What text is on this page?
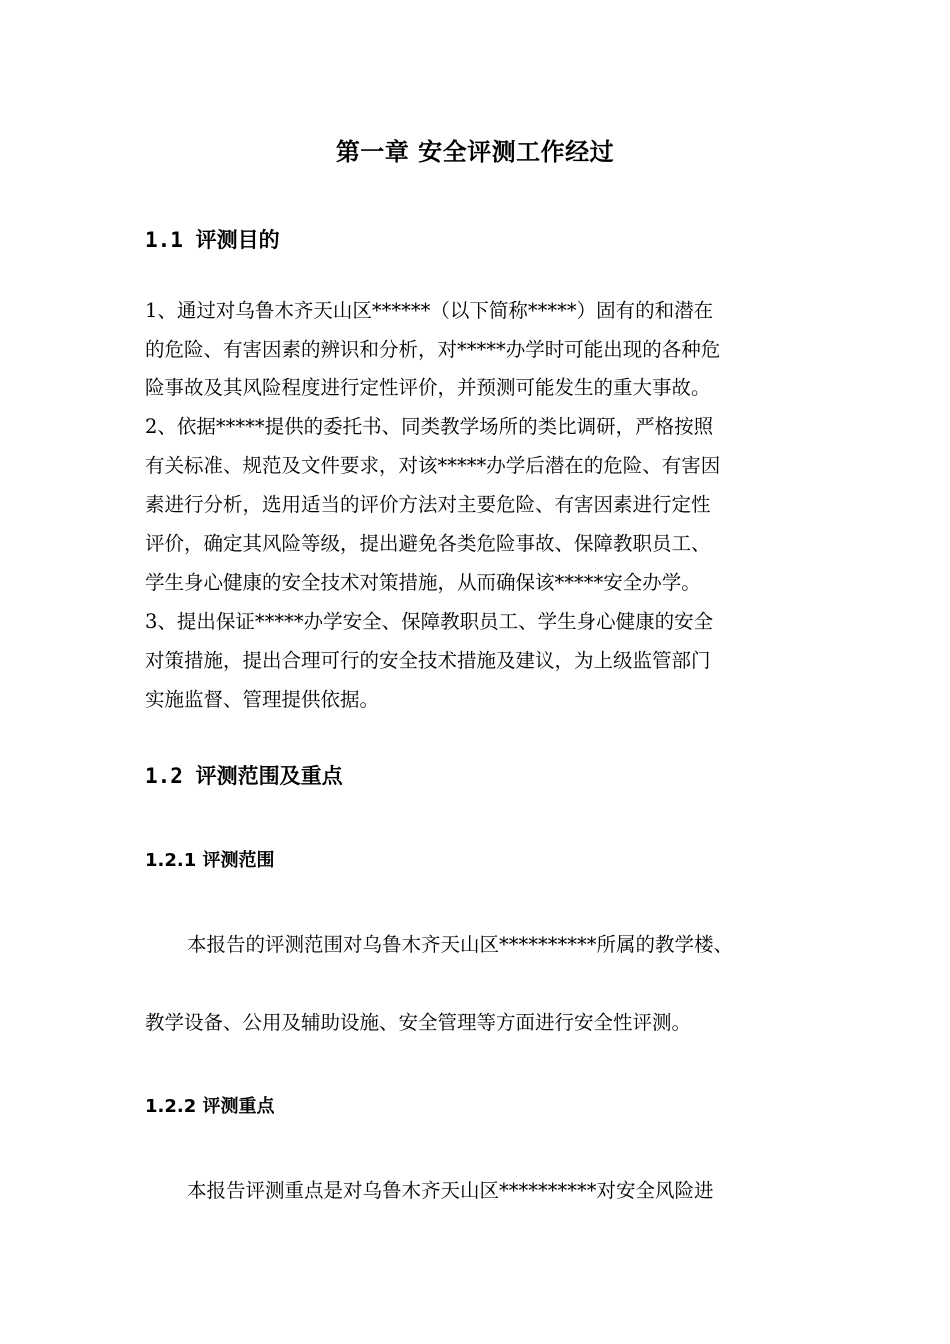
第一章 安全评测工作经过
1.1 评测目的
1、通过对乌鲁木齐天山区******（以下简称*****）固有的和潜在
的危险、有害因素的辨识和分析，对*****办学时可能出现的各种危
险事故及其风险程度进行定性评价，并预测可能发生的重大事故。
2、依据*****提供的委托书、同类教学场所的类比调研，严格按照
有关标准、规范及文件要求，对该*****办学后潜在的危险、有害因
素进行分析，选用适当的评价方法对主要危险、有害因素进行定性
评价，确定其风险等级，提出避免各类危险事故、保障教职员工、
学生身心健康的安全技术对策措施，从而确保该*****安全办学。
3、提出保证*****办学安全、保障教职员工、学生身心健康的安全
对策措施，提出合理可行的安全技术措施及建议，为上级监管部门
实施监督、管理提供依据。
1.2 评测范围及重点
1.2.1 评测范围
本报告的评测范围对乌鲁木齐天山区**********所属的教学楼、
教学设备、公用及辅助设施、安全管理等方面进行安全性评测。
1.2.2 评测重点
本报告评测重点是对乌鲁木齐天山区**********对安全风险进
